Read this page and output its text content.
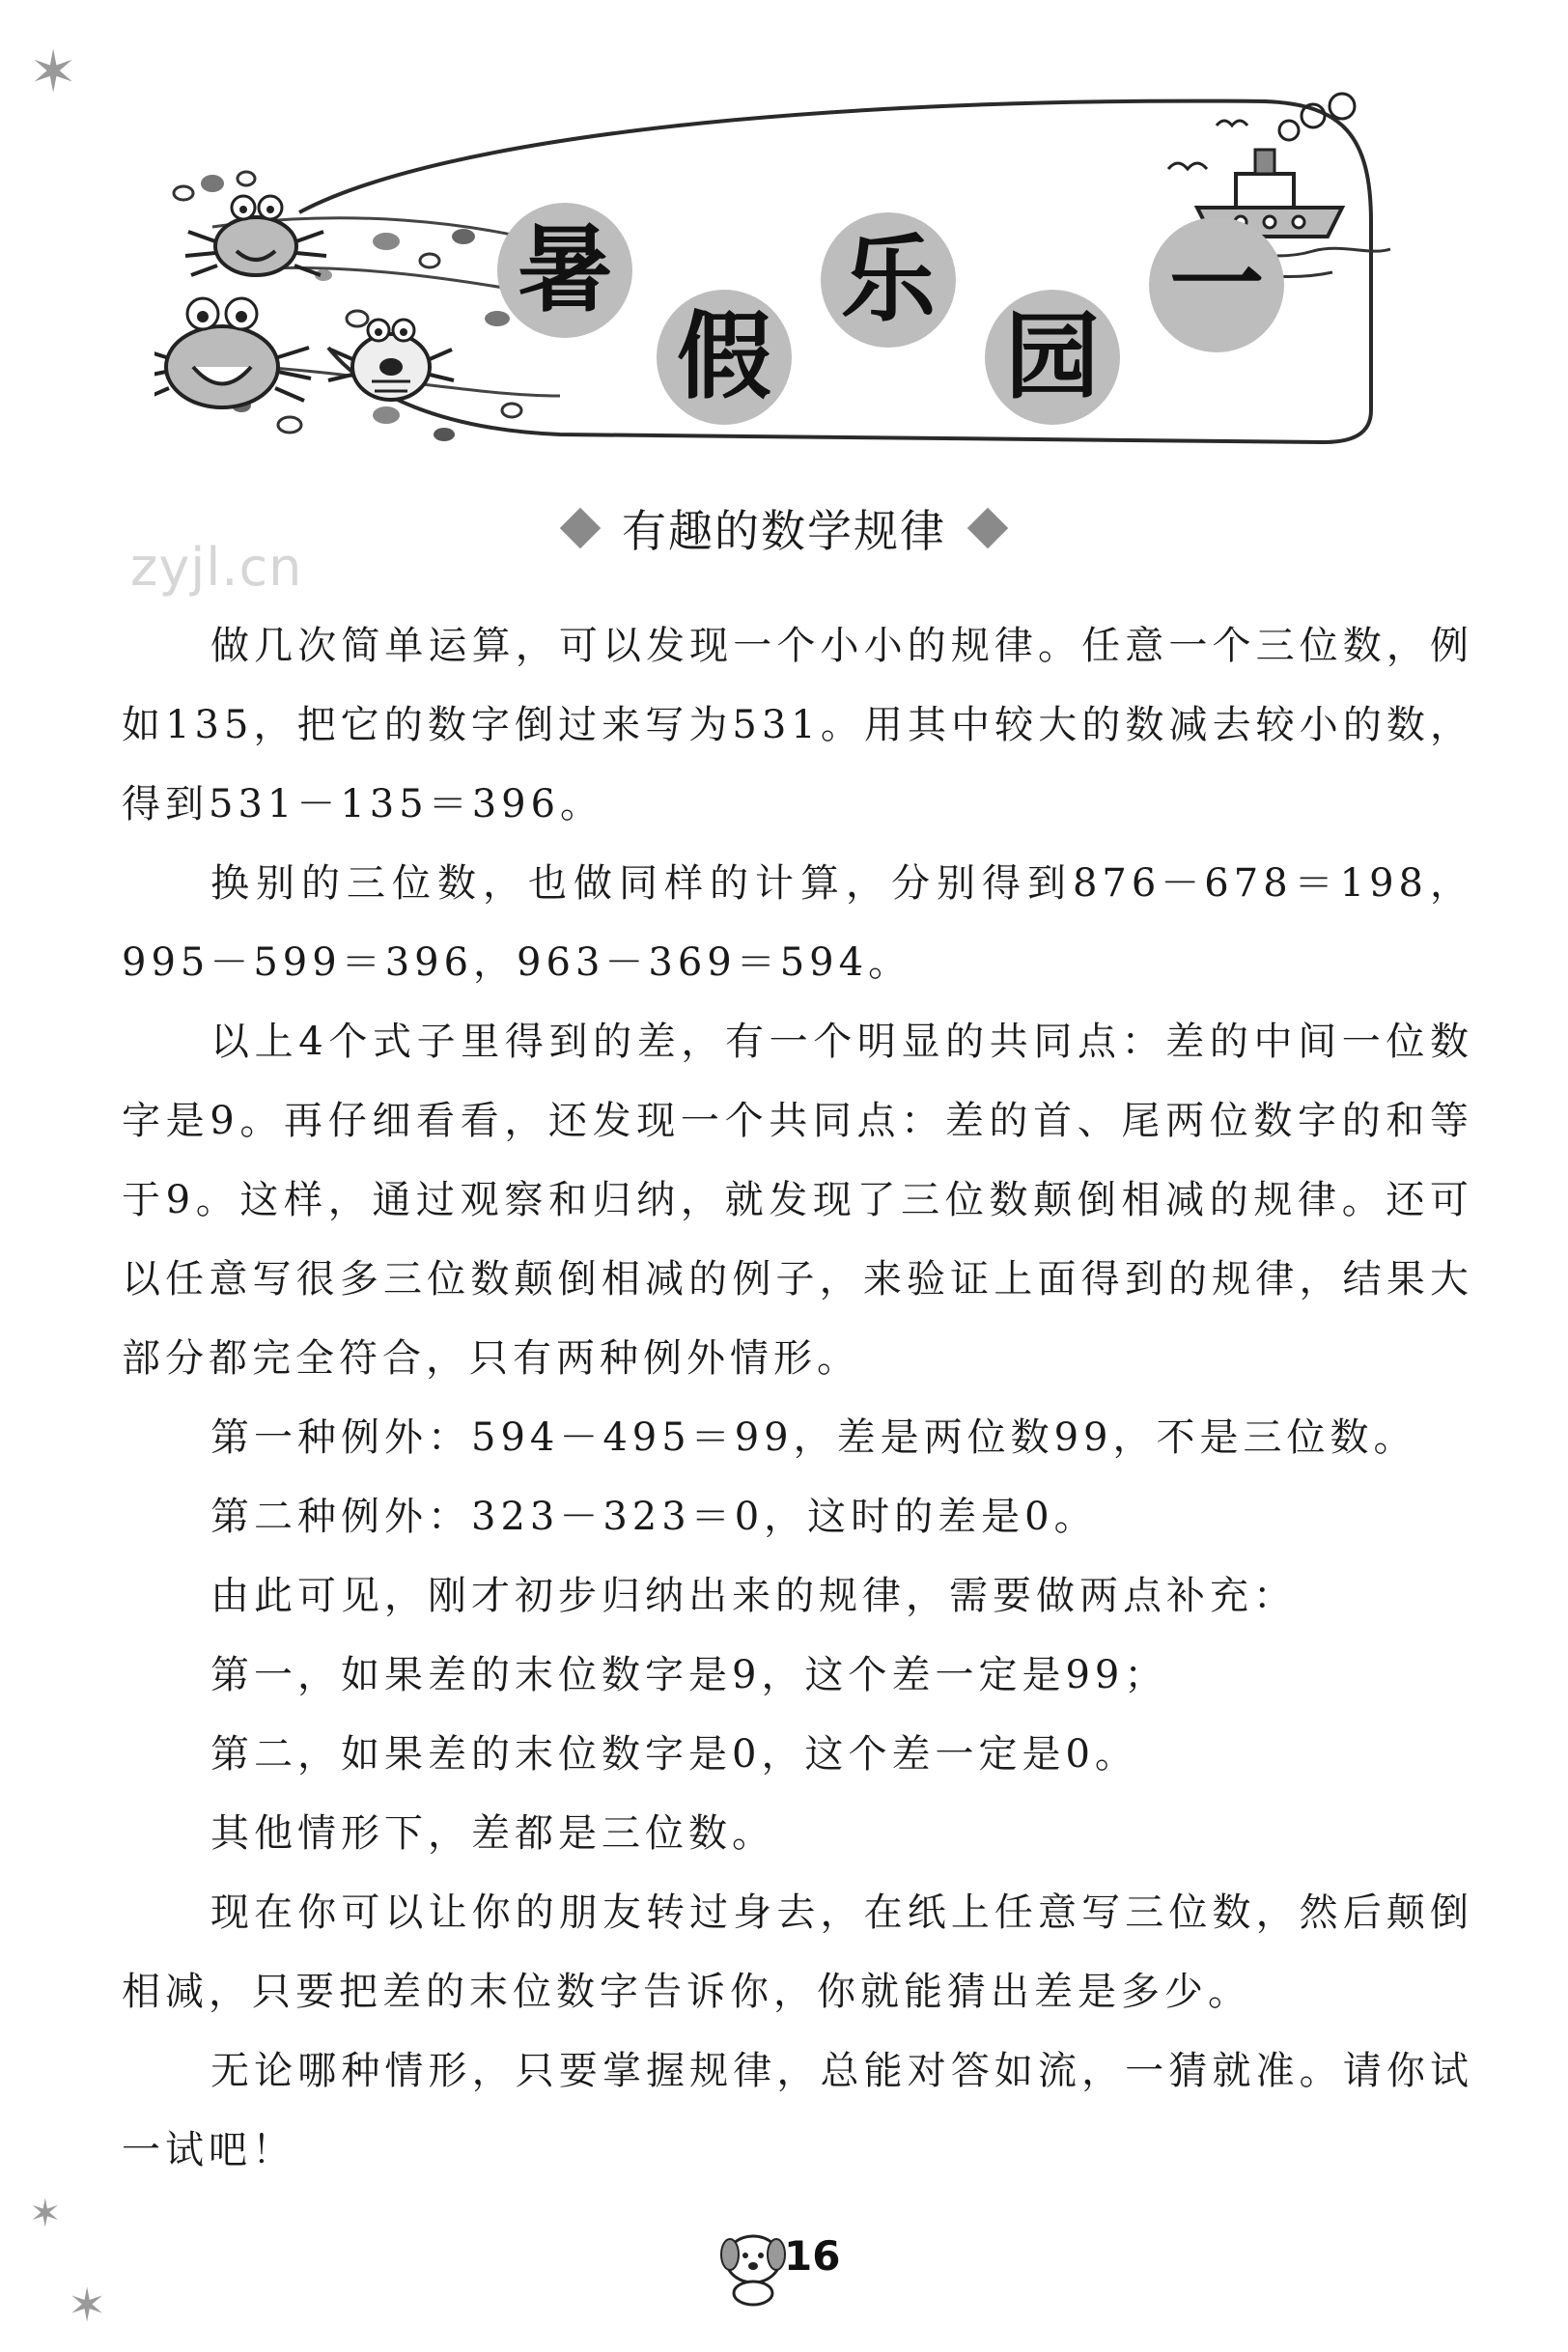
✶
✶
✶
暑
假
乐
园
一
有趣的数学规律
zyjl.cn

做几次简单运算，可以发现一个小小的规律。任意一个三位数，例如135，把它的数字倒过来写为531。用其中较大的数减去较小的数，得到531－135＝396。

换别的三位数，也做同样的计算，分别得到876－678＝198，995－599＝396，963－369＝594。

以上4个式子里得到的差，有一个明显的共同点：差的中间一位数字是9。再仔细看看，还发现一个共同点：差的首、尾两位数字的和等于9。这样，通过观察和归纳，就发现了三位数颠倒相减的规律。还可以任意写很多三位数颠倒相减的例子，来验证上面得到的规律，结果大部分都完全符合，只有两种例外情形。

第一种例外：594－495＝99，差是两位数99，不是三位数。

第二种例外：323－323＝0，这时的差是0。

由此可见，刚才初步归纳出来的规律，需要做两点补充：

第一，如果差的末位数字是9，这个差一定是99；

第二，如果差的末位数字是0，这个差一定是0。

其他情形下，差都是三位数。

现在你可以让你的朋友转过身去，在纸上任意写三位数，然后颠倒相减，只要把差的末位数字告诉你，你就能猜出差是多少。

无论哪种情形，只要掌握规律，总能对答如流，一猜就准。请你试一试吧！

16
